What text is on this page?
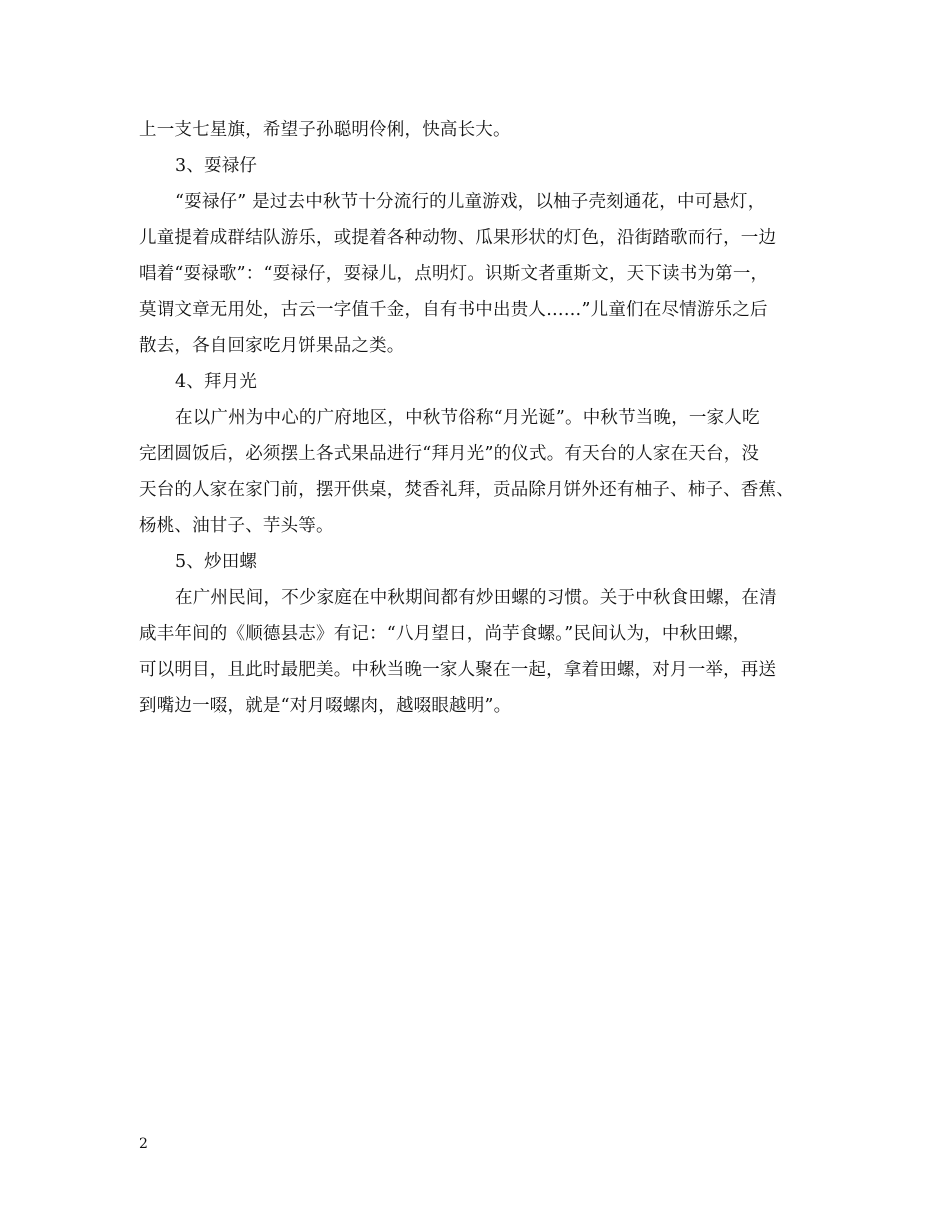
上一支七星旗，希望子孙聪明伶俐，快高长大。
3、耍禄仔
“耍禄仔” 是过去中秋节十分流行的儿童游戏，以柚子壳刻通花，中可悬灯，
儿童提着成群结队游乐，或提着各种动物、瓜果形状的灯色，沿街踏歌而行，一边
唱着“耍禄歌”：“耍禄仔，耍禄儿，点明灯。识斯文者重斯文，天下读书为第一，
莫谓文章无用处，古云一字值千金，自有书中出贵人……”儿童们在尽情游乐之后
散去，各自回家吃月饼果品之类。
4、拜月光
在以广州为中心的广府地区，中秋节俗称“月光诞”。中秋节当晚，一家人吃
完团圆饭后，必须摆上各式果品进行“拜月光”的仪式。有天台的人家在天台，没
天台的人家在家门前，摆开供桌，焚香礼拜，贡品除月饼外还有柚子、柿子、香蕉、
杨桃、油甘子、芋头等。
5、炒田螺
在广州民间，不少家庭在中秋期间都有炒田螺的习惯。关于中秋食田螺，在清
咸丰年间的《顺德县志》有记：“八月望日，尚芋食螺。”民间认为，中秋田螺，
可以明目，且此时最肥美。中秋当晚一家人聚在一起，拿着田螺，对月一举，再送
到嘴边一啜，就是“对月啜螺肉，越啜眼越明”。
2
